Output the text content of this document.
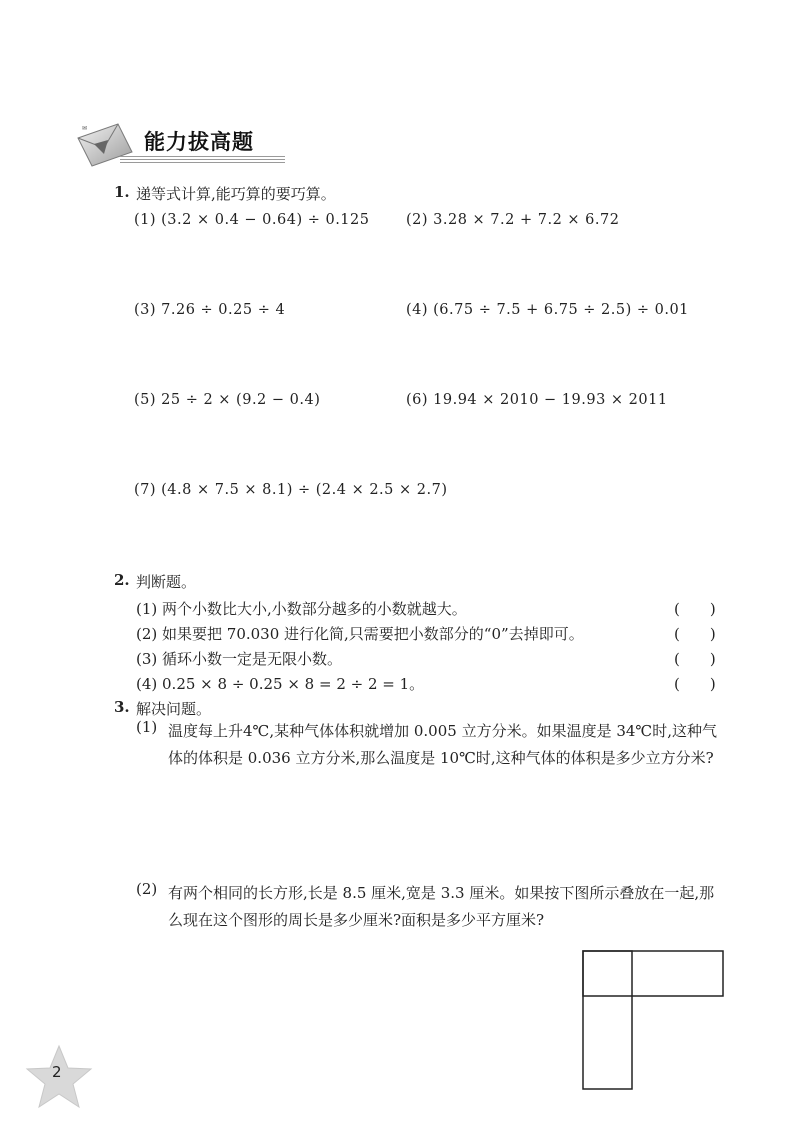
✉
能力拔高题
1. 递等式计算,能巧算的要巧算。
(1) (3.2 × 0.4 − 0.64) ÷ 0.125	(2) 3.28 × 7.2 + 7.2 × 6.72
(3) 7.26 ÷ 0.25 ÷ 4	(4) (6.75 ÷ 7.5 + 6.75 ÷ 2.5) ÷ 0.01
(5) 25 ÷ 2 × (9.2 − 0.4)	(6) 19.94 × 2010 − 19.93 × 2011
(7) (4.8 × 7.5 × 8.1) ÷ (2.4 × 2.5 × 2.7)
2. 判断题。
(1) 两个小数比大小,小数部分越多的小数就越大。	(　　)
(2) 如果要把 70.030 进行化简,只需要把小数部分的“0”去掉即可。	(　　)
(3) 循环小数一定是无限小数。	(　　)
(4) 0.25 × 8 ÷ 0.25 × 8 = 2 ÷ 2 = 1。	(　　)
3. 解决问题。
(1) 温度每上升4℃,某种气体体积就增加 0.005 立方分米。如果温度是 34℃时,这种气体的体积是 0.036 立方分米,那么温度是 10℃时,这种气体的体积是多少立方分米?
(2) 有两个相同的长方形,长是 8.5 厘米,宽是 3.3 厘米。如果按下图所示叠放在一起,那么现在这个图形的周长是多少厘米?面积是多少平方厘米?
2
